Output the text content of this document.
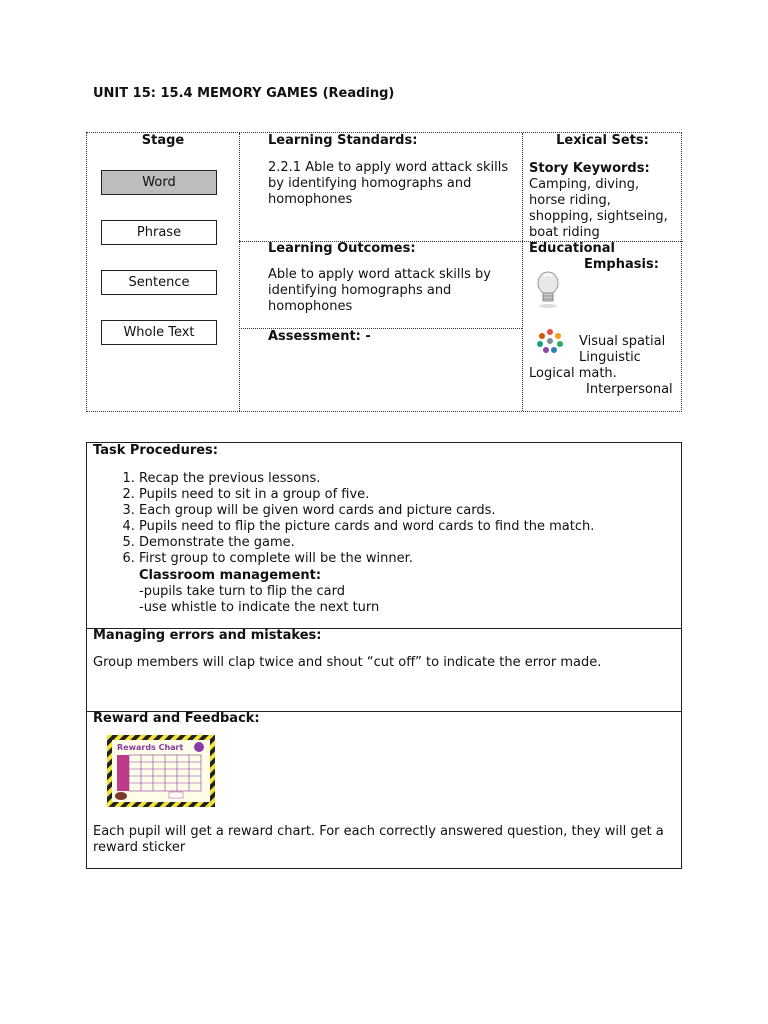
UNIT 15: 15.4 MEMORY GAMES (Reading)
Stage
Word
Phrase
Sentence
Whole Text
Learning Standards:
2.2.1 Able to apply word attack skills
by identifying homographs and
homophones
Learning Outcomes:
Able to apply word attack skills by
identifying homographs and
homophones
Assessment: -
Lexical Sets:
Story Keywords:
Camping, diving,
horse riding,
shopping, sightseing,
boat riding
Educational
Emphasis:
Visual spatial
Linguistic
Logical math.
Interpersonal
Task Procedures:
1. Recap the previous lessons.
2. Pupils need to sit in a group of five.
3. Each group will be given word cards and picture cards.
4. Pupils need to flip the picture cards and word cards to find the match.
5. Demonstrate the game.
6. First group to complete will be the winner.
Classroom management:
-pupils take turn to flip the card
-use whistle to indicate the next turn
Managing errors and mistakes:
Group members will clap twice and shout “cut off” to indicate the error made.
Reward and Feedback:
Rewards Chart
Each pupil will get a reward chart. For each correctly answered question, they will get a
reward sticker
